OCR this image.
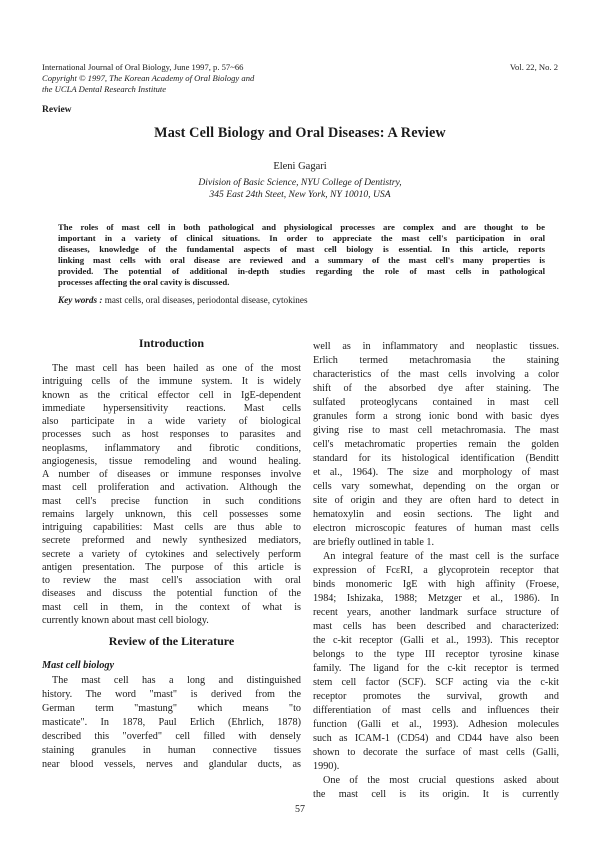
International Journal of Oral Biology, June 1997, p. 57~66
Copyright © 1997, The Korean Academy of Oral Biology and
the UCLA Dental Research Institute
Vol. 22, No. 2
Review
Mast Cell Biology and Oral Diseases: A Review
Eleni Gagari
Division of Basic Science, NYU College of Dentistry,
345 East 24th Steet, New York, NY 10010, USA
The roles of mast cell in both pathological and physiological processes are complex and are thought to be
important in a variety of clinical situations. In order to appreciate the mast cell's participation in oral
diseases, knowledge of the fundamental aspects of mast cell biology is essential. In this article, reports
linking mast cells with oral disease are reviewed and a summary of the mast cell's many properties is
provided. The potential of additional in-depth studies regarding the role of mast cells in pathological
processes affecting the oral cavity is discussed.
Key words : mast cells, oral diseases, periodontal disease, cytokines
Introduction
The mast cell has been hailed as one of the most
intriguing cells of the immune system. It is widely
known as the critical effector cell in IgE-dependent
immediate hypersensitivity reactions. Mast cells
also participate in a wide variety of biological
processes such as host responses to parasites and
neoplasms, inflammatory and fibrotic conditions,
angiogenesis, tissue remodeling and wound healing.
A number of diseases or immune responses involve
mast cell proliferation and activation. Although the
mast cell's precise function in such conditions
remains largely unknown, this cell possesses some
intriguing capabilities: Mast cells are thus able to
secrete preformed and newly synthesized mediators,
secrete a variety of cytokines and selectively perform
antigen presentation. The purpose of this article is
to review the mast cell's association with oral
diseases and discuss the potential function of the
mast cell in them, in the context of what is
currently known about mast cell biology.
Review of the Literature
Mast cell biology
The mast cell has a long and distinguished
history. The word "mast" is derived from the
German term "mastung" which means "to
masticate". In 1878, Paul Erlich (Ehrlich, 1878)
described this "overfed" cell filled with densely
staining granules in human connective tissues
near blood vessels, nerves and glandular ducts, as
well as in inflammatory and neoplastic tissues.
Erlich termed metachromasia the staining
characteristics of the mast cells involving a color
shift of the absorbed dye after staining. The
sulfated proteoglycans contained in mast cell
granules form a strong ionic bond with basic dyes
giving rise to mast cell metachromasia. The mast
cell's metachromatic properties remain the golden
standard for its histological identification (Benditt
et al., 1964). The size and morphology of mast
cells vary somewhat, depending on the organ or
site of origin and they are often hard to detect in
hematoxylin and eosin sections. The light and
electron microscopic features of human mast cells
are briefly outlined in table 1.
An integral feature of the mast cell is the surface
expression of FcεRI, a glycoprotein receptor that
binds monomeric IgE with high affinity (Froese,
1984; Ishizaka, 1988; Metzger et al., 1986). In
recent years, another landmark surface structure of
mast cells has been described and characterized:
the c-kit receptor (Galli et al., 1993). This receptor
belongs to the type III receptor tyrosine kinase
family. The ligand for the c-kit receptor is termed
stem cell factor (SCF). SCF acting via the c-kit
receptor promotes the survival, growth and
differentiation of mast cells and influences their
function (Galli et al., 1993). Adhesion molecules
such as ICAM-1 (CD54) and CD44 have also been
shown to decorate the surface of mast cells (Galli,
1990).
One of the most crucial questions asked about
the mast cell is its origin. It is currently
57
